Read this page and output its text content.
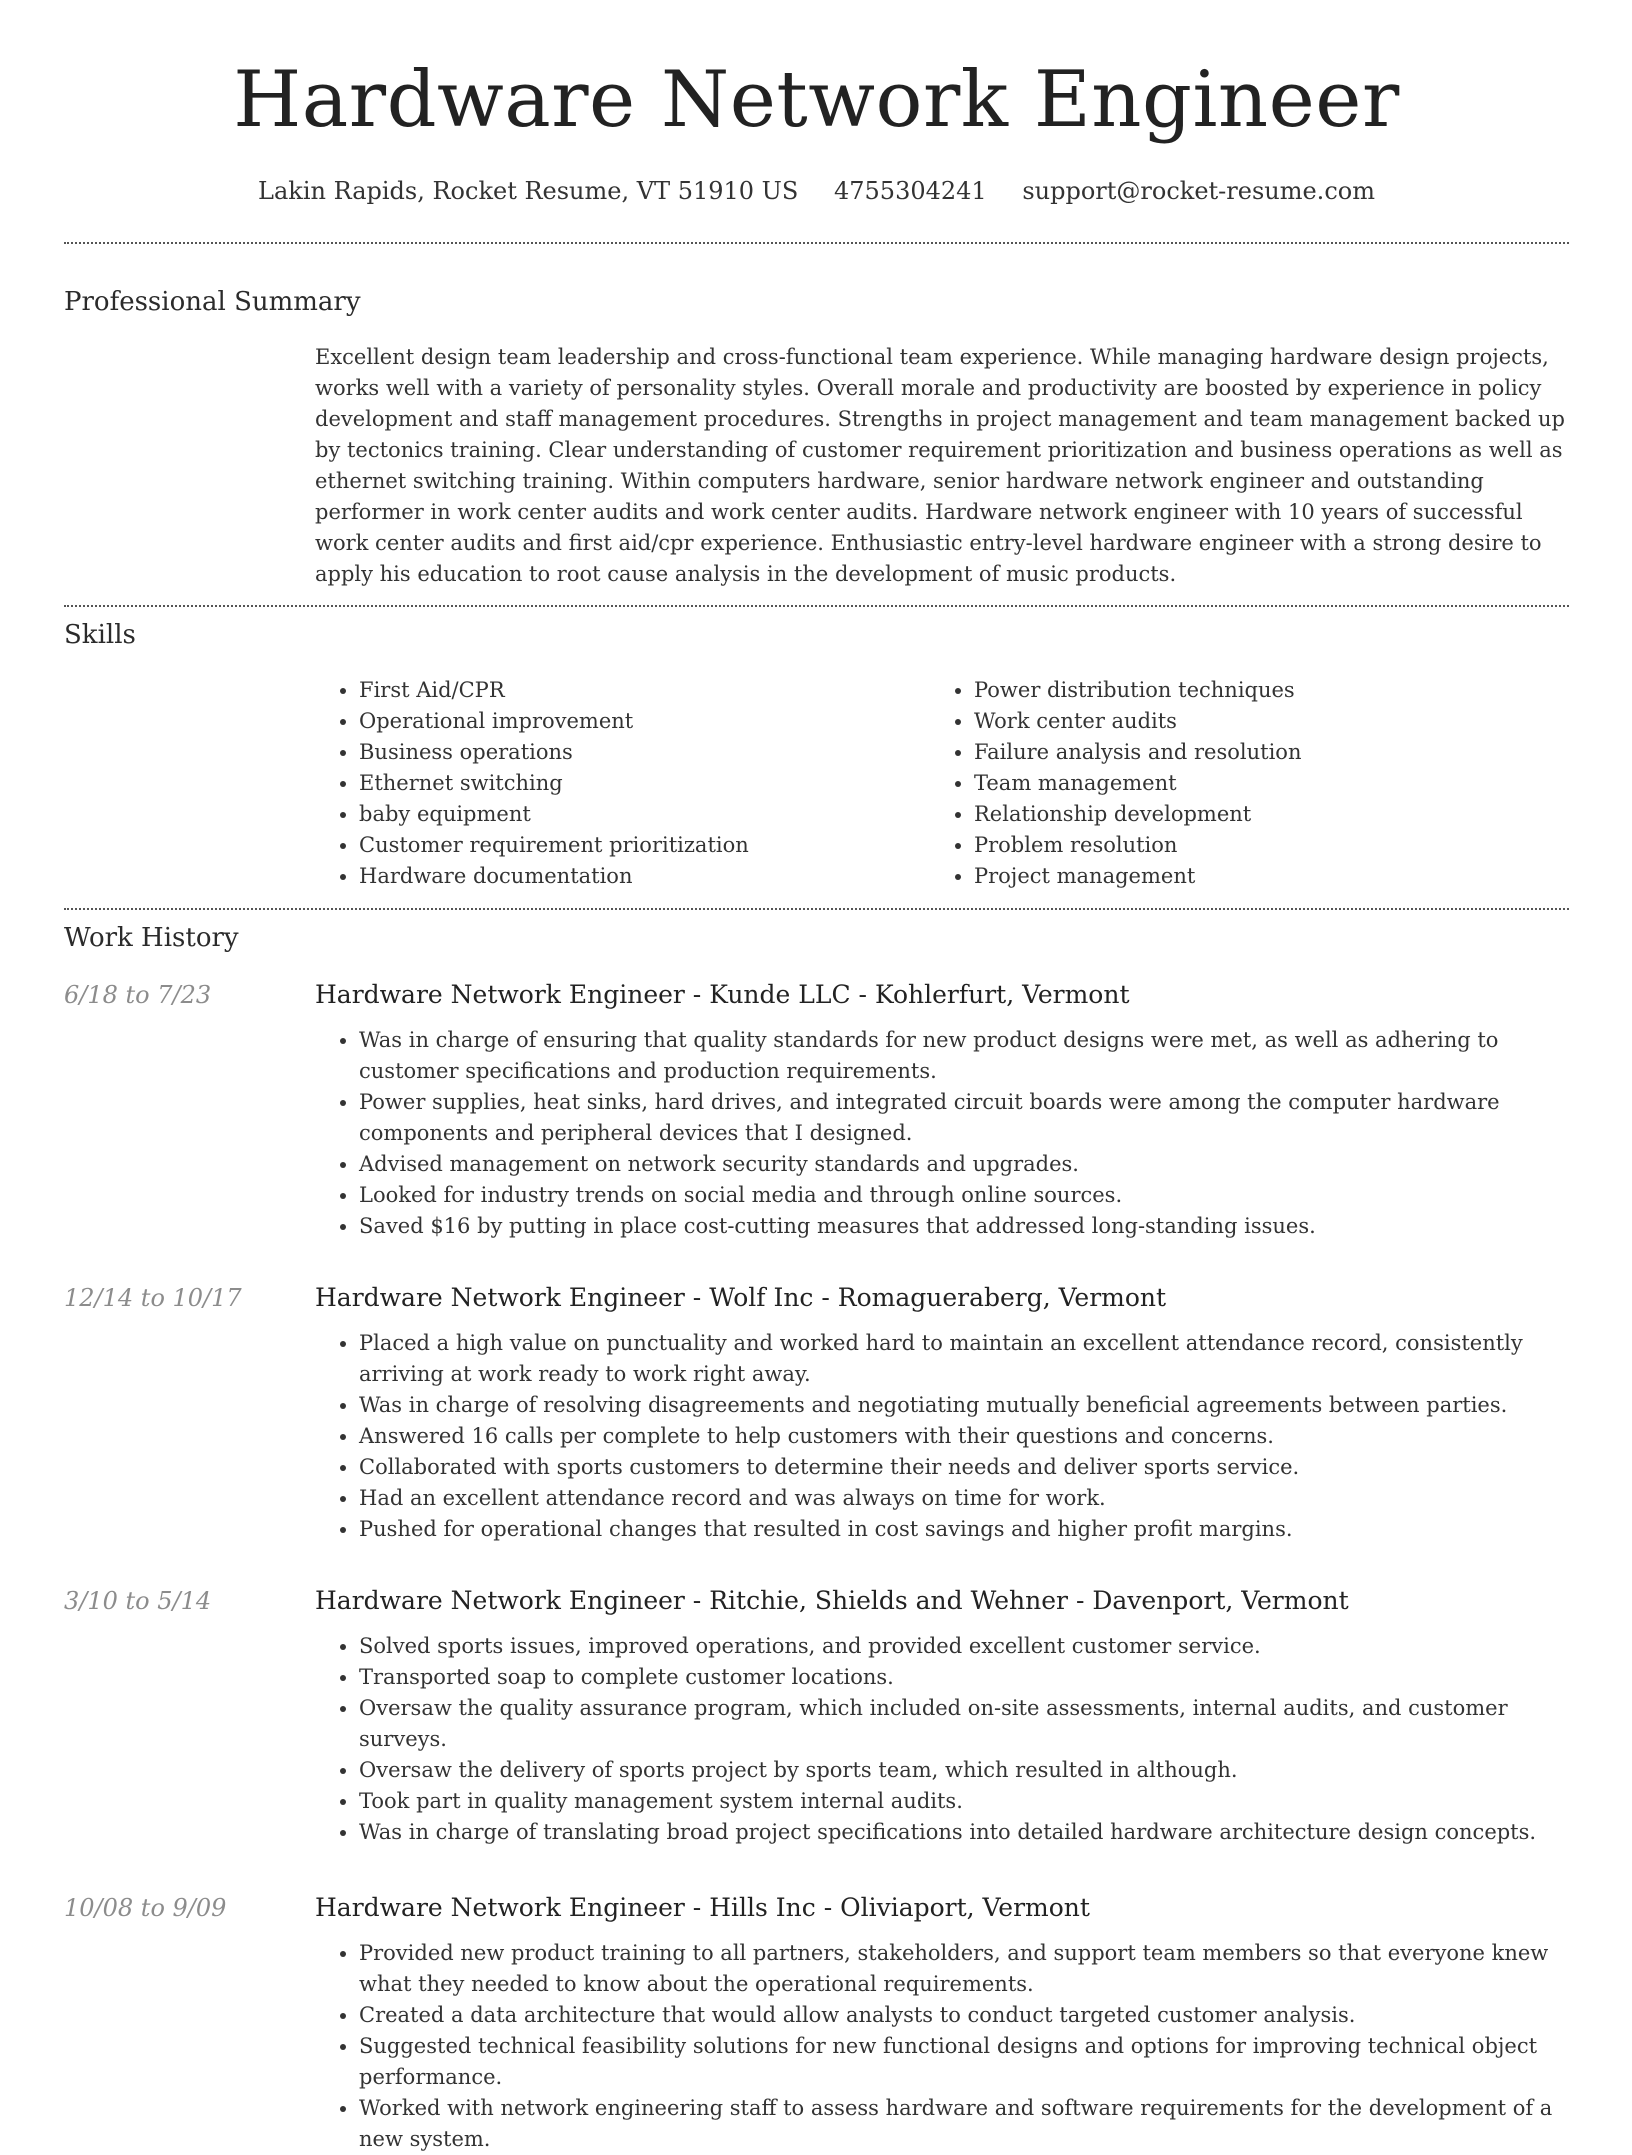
Hardware Network Engineer
Lakin Rapids, Rocket Resume, VT 51910 US 4755304241 support@rocket-resume.com
Professional Summary

Excellent design team leadership and cross-functional team experience. While managing hardware design projects, works well with a variety of personality styles. Overall morale and productivity are boosted by experience in policy development and staff management procedures. Strengths in project management and team management backed up by tectonics training. Clear understanding of customer requirement prioritization and business operations as well as ethernet switching training. Within computers hardware, senior hardware network engineer and outstanding performer in work center audits and work center audits. Hardware network engineer with 10 years of successful work center audits and first aid/cpr experience. Enthusiastic entry-level hardware engineer with a strong desire to apply his education to root cause analysis in the development of music products.

Skills
• First Aid/CPR
• Operational improvement
• Business operations
• Ethernet switching
• baby equipment
• Customer requirement prioritization
• Hardware documentation
• Power distribution techniques
• Work center audits
• Failure analysis and resolution
• Team management
• Relationship development
• Problem resolution
• Project management
Work History
6/18 to 7/23	Hardware Network Engineer - Kunde LLC - Kohlerfurt, Vermont
• Was in charge of ensuring that quality standards for new product designs were met, as well as adhering to customer specifications and production requirements.
• Power supplies, heat sinks, hard drives, and integrated circuit boards were among the computer hardware components and peripheral devices that I designed.
• Advised management on network security standards and upgrades.
• Looked for industry trends on social media and through online sources.
• Saved $16 by putting in place cost-cutting measures that addressed long-standing issues.
12/14 to 10/17	Hardware Network Engineer - Wolf Inc - Romagueraberg, Vermont
• Placed a high value on punctuality and worked hard to maintain an excellent attendance record, consistently arriving at work ready to work right away.
• Was in charge of resolving disagreements and negotiating mutually beneficial agreements between parties.
• Answered 16 calls per complete to help customers with their questions and concerns.
• Collaborated with sports customers to determine their needs and deliver sports service.
• Had an excellent attendance record and was always on time for work.
• Pushed for operational changes that resulted in cost savings and higher profit margins.
3/10 to 5/14	Hardware Network Engineer - Ritchie, Shields and Wehner - Davenport, Vermont
• Solved sports issues, improved operations, and provided excellent customer service.
• Transported soap to complete customer locations.
• Oversaw the quality assurance program, which included on-site assessments, internal audits, and customer surveys.
• Oversaw the delivery of sports project by sports team, which resulted in although.
• Took part in quality management system internal audits.
• Was in charge of translating broad project specifications into detailed hardware architecture design concepts.
10/08 to 9/09	Hardware Network Engineer - Hills Inc - Oliviaport, Vermont
• Provided new product training to all partners, stakeholders, and support team members so that everyone knew what they needed to know about the operational requirements.
• Created a data architecture that would allow analysts to conduct targeted customer analysis.
• Suggested technical feasibility solutions for new functional designs and options for improving technical object performance.
• Worked with network engineering staff to assess hardware and software requirements for the development of a new system.
